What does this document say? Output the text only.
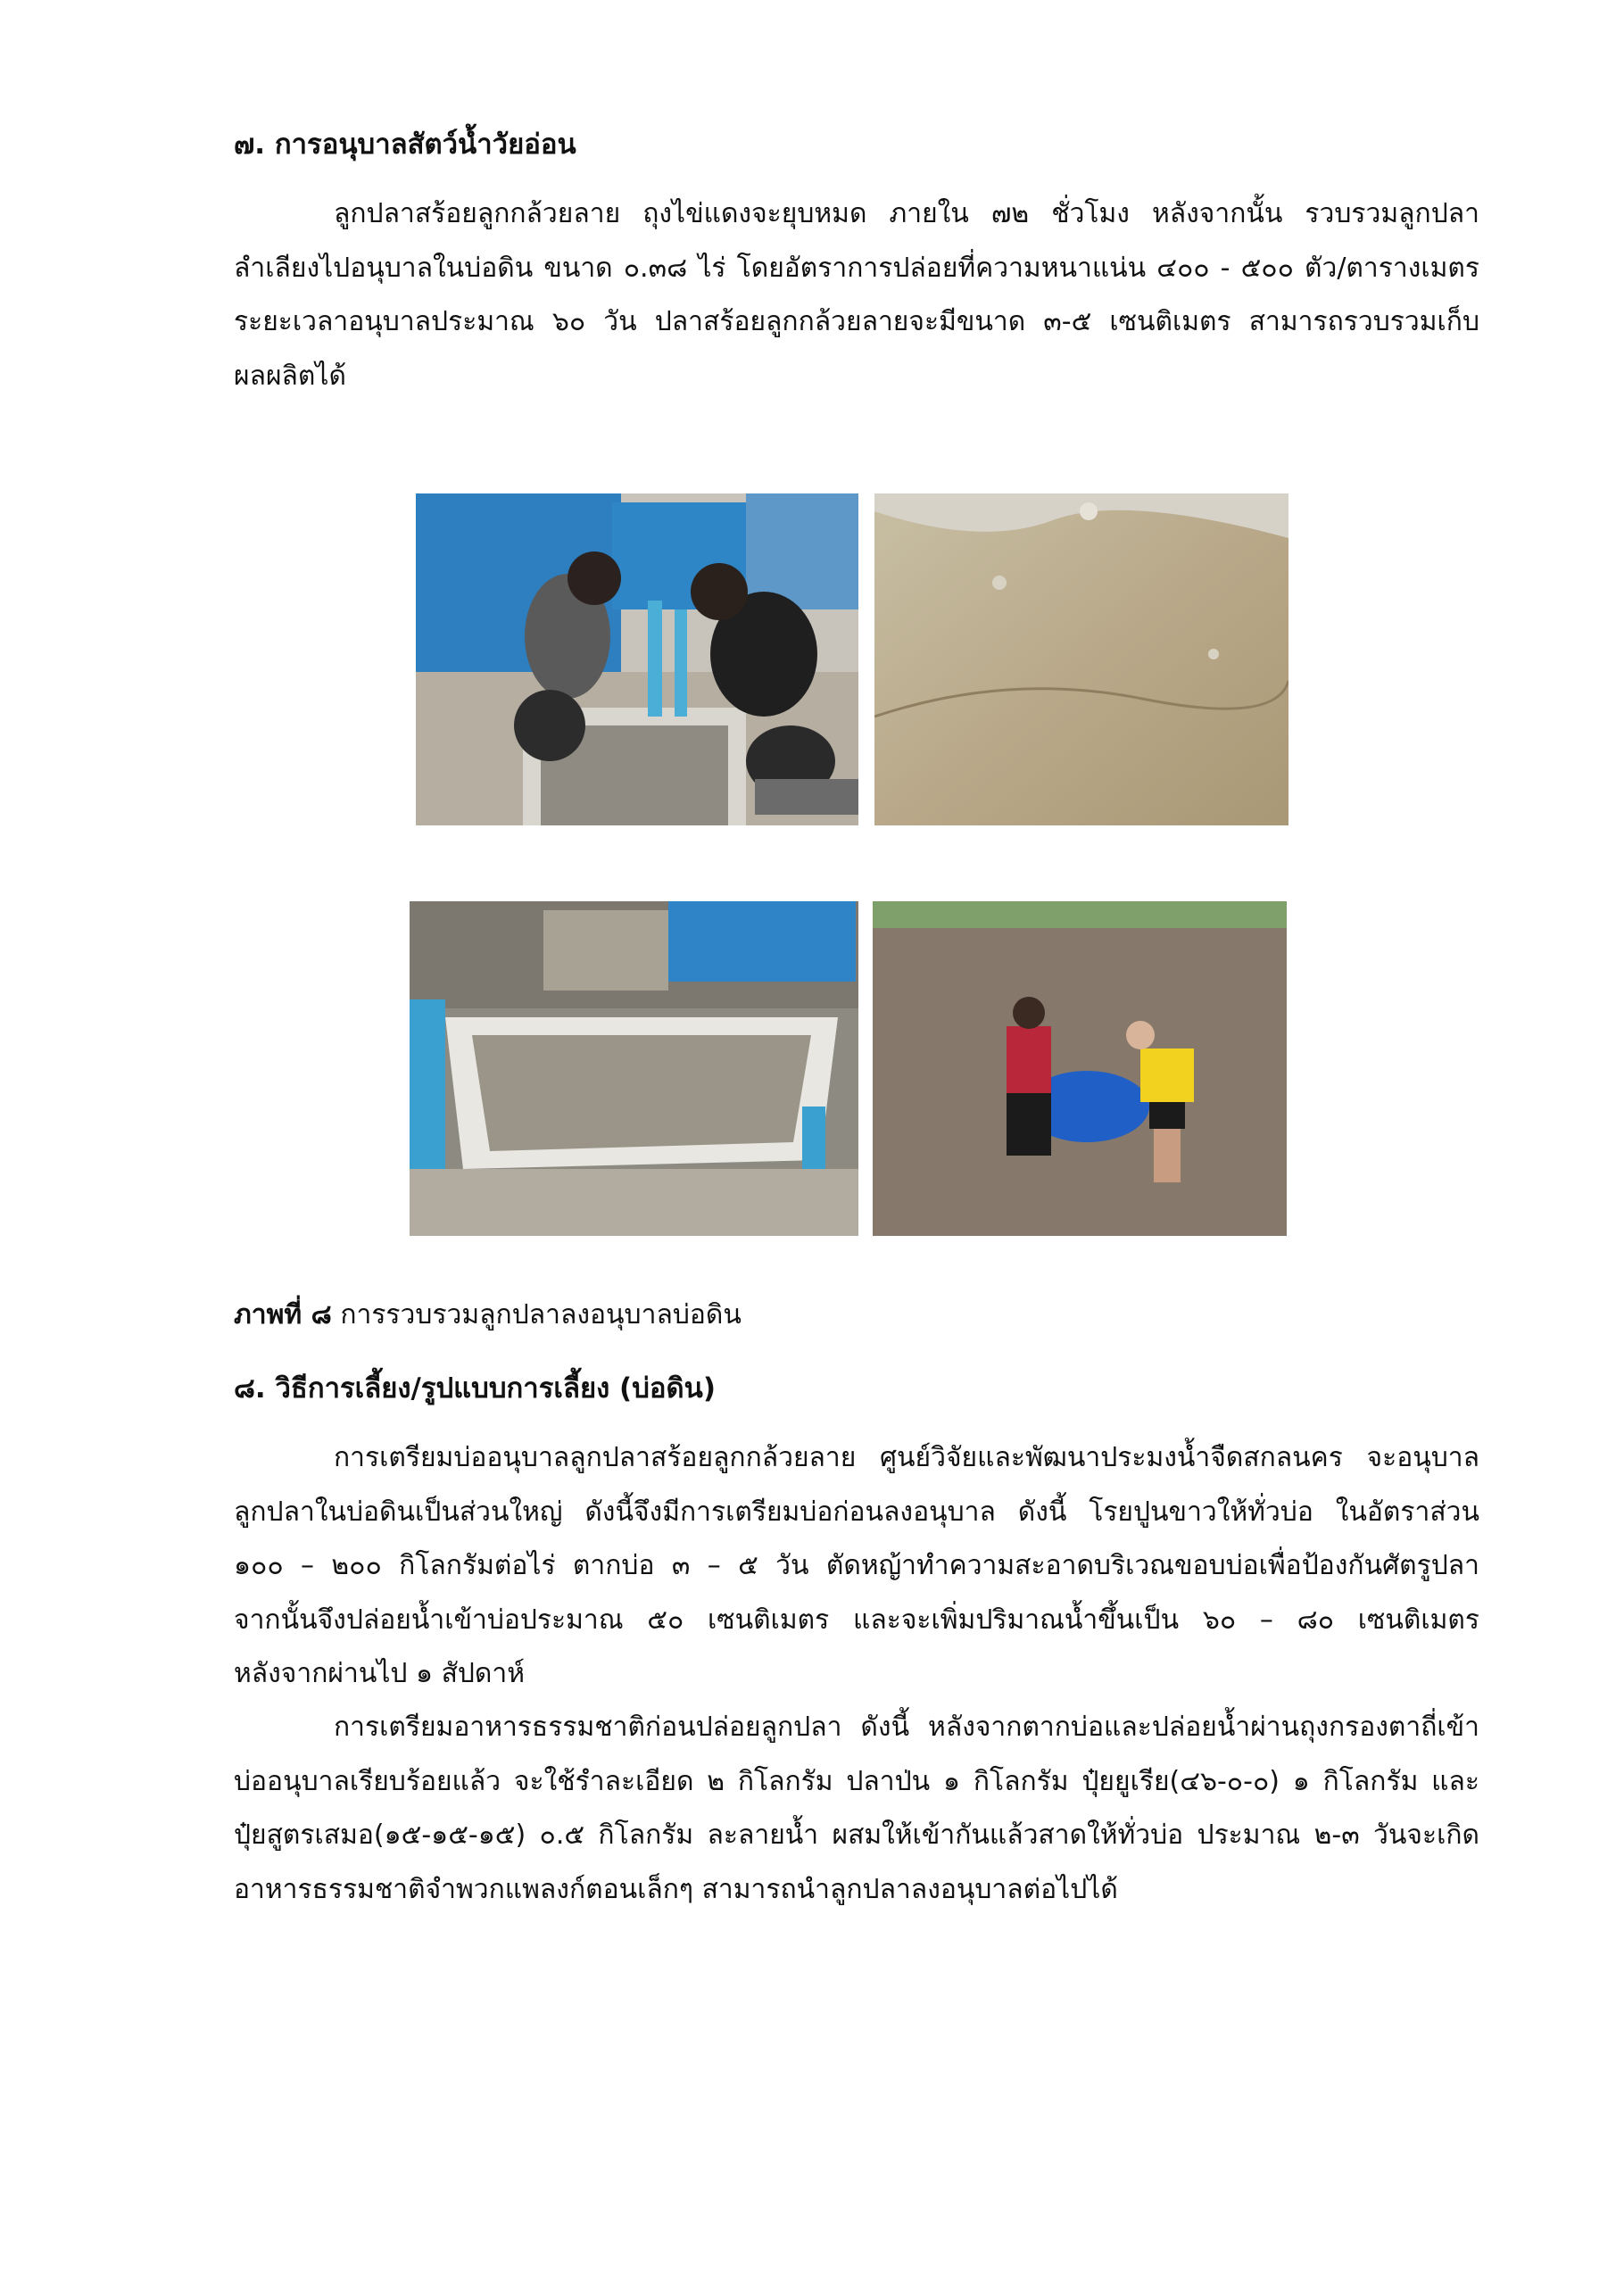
๗. การอนุบาลสัตว์น้ำวัยอ่อน

ลูกปลาสร้อยลูกกล้วยลาย ถุงไข่แดงจะยุบหมด ภายใน ๗๒ ชั่วโมง หลังจากนั้น รวบรวมลูกปลา
ลำเลียงไปอนุบาลในบ่อดิน ขนาด ๐.๓๘ ไร่ โดยอัตราการปล่อยที่ความหนาแน่น ๔๐๐ - ๕๐๐ ตัว/ตารางเมตร
ระยะเวลาอนุบาลประมาณ ๖๐ วัน ปลาสร้อยลูกกล้วยลายจะมีขนาด ๓-๕ เซนติเมตร สามารถรวบรวมเก็บ
ผลผลิตได้

ภาพที่ ๘ การรวบรวมลูกปลาลงอนุบาลบ่อดิน
๘. วิธีการเลี้ยง/รูปแบบการเลี้ยง (บ่อดิน)

การเตรียมบ่ออนุบาลลูกปลาสร้อยลูกกล้วยลาย ศูนย์วิจัยและพัฒนาประมงน้ำจืดสกลนคร จะอนุบาล
ลูกปลาในบ่อดินเป็นส่วนใหญ่ ดังนี้จึงมีการเตรียมบ่อก่อนลงอนุบาล ดังนี้ โรยปูนขาวให้ทั่วบ่อ ในอัตราส่วน
๑๐๐ – ๒๐๐ กิโลกรัมต่อไร่ ตากบ่อ ๓ – ๕ วัน ตัดหญ้าทำความสะอาดบริเวณขอบบ่อเพื่อป้องกันศัตรูปลา
จากนั้นจึงปล่อยน้ำเข้าบ่อประมาณ ๕๐ เซนติเมตร และจะเพิ่มปริมาณน้ำขึ้นเป็น ๖๐ – ๘๐ เซนติเมตร
หลังจากผ่านไป ๑ สัปดาห์

การเตรียมอาหารธรรมชาติก่อนปล่อยลูกปลา ดังนี้ หลังจากตากบ่อและปล่อยน้ำผ่านถุงกรองตาถี่เข้า
บ่ออนุบาลเรียบร้อยแล้ว จะใช้รำละเอียด ๒ กิโลกรัม ปลาป่น ๑ กิโลกรัม ปุ๋ยยูเรีย(๔๖-๐-๐) ๑ กิโลกรัม และ
ปุ๋ยสูตรเสมอ(๑๕-๑๕-๑๕) ๐.๕ กิโลกรัม ละลายน้ำ ผสมให้เข้ากันแล้วสาดให้ทั่วบ่อ ประมาณ ๒-๓ วันจะเกิด
อาหารธรรมชาติจำพวกแพลงก์ตอนเล็กๆ สามารถนำลูกปลาลงอนุบาลต่อไปได้
